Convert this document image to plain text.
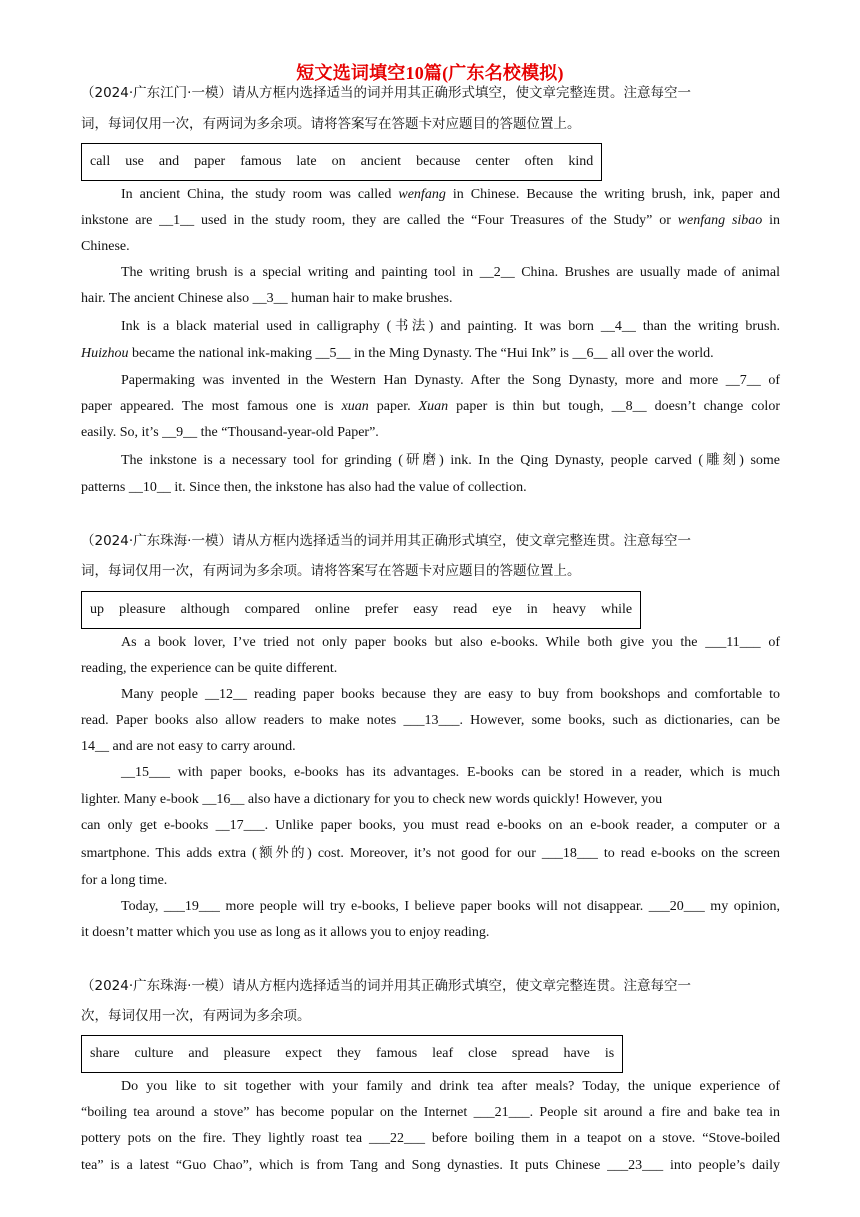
短文选词填空10篇(广东名校模拟)
（2024·广东江门·一模）请从方框内选择适当的词并用其正确形式填空，使文章完整连贯。注意每空一
词，每词仅用一次，有两词为多余项。请将答案写在答题卡对应题目的答题位置上。
call use and paper famous late on ancient because center often kind
In ancient China, the study room was called wenfang in Chinese. Because the writing brush, ink, paper and
inkstone are __1__ used in the study room, they are called the “Four Treasures of the Study” or wenfang sibao in
Chinese.
The writing brush is a special writing and painting tool in __2__ China. Brushes are usually made of animal
hair. The ancient Chinese also __3__ human hair to make brushes.
Ink is a black material used in calligraphy (书法) and painting. It was born __4__ than the writing brush.
Huizhou became the national ink-making __5__ in the Ming Dynasty. The “Hui Ink” is __6__ all over the world.
Papermaking was invented in the Western Han Dynasty. After the Song Dynasty, more and more __7__ of
paper appeared. The most famous one is xuan paper. Xuan paper is thin but tough, __8__ doesn’t change color
easily. So, it’s __9__ the “Thousand-year-old Paper”.
The inkstone is a necessary tool for grinding (研磨) ink. In the Qing Dynasty, people carved (雕刻) some
patterns __10__ it. Since then, the inkstone has also had the value of collection.
（2024·广东珠海·一模）请从方框内选择适当的词并用其正确形式填空，使文章完整连贯。注意每空一
词，每词仅用一次，有两词为多余项。请将答案写在答题卡对应题目的答题位置上。
up pleasure although compared online prefer easy read eye in heavy while
As a book lover, I’ve tried not only paper books but also e-books. While both give you the ___11___ of
reading, the experience can be quite different.
Many people __12__ reading paper books because they are easy to buy from bookshops and comfortable to
read. Paper books also allow readers to make notes ___13___. However, some books, such as dictionaries, can be
14__ and are not easy to carry around.
__15___ with paper books, e-books has its advantages. E-books can be stored in a reader, which is much
lighter. Many e-book __16__ also have a dictionary for you to check new words quickly! However, you
can only get e-books __17___. Unlike paper books, you must read e-books on an e-book reader, a computer or a
smartphone. This adds extra (额外的) cost. Moreover, it’s not good for our ___18___ to read e-books on the screen
for a long time.
Today, ___19___ more people will try e-books, I believe paper books will not disappear. ___20___ my opinion,
it doesn’t matter which you use as long as it allows you to enjoy reading.
（2024·广东珠海·一模）请从方框内选择适当的词并用其正确形式填空，使文章完整连贯。注意每空一
次，每词仅用一次，有两词为多余项。
share culture and pleasure expect they famous leaf close spread have is
Do you like to sit together with your family and drink tea after meals? Today, the unique experience of
“boiling tea around a stove” has become popular on the Internet ___21___. People sit around a fire and bake tea in
pottery pots on the fire. They lightly roast tea ___22___ before boiling them in a teapot on a stove. “Stove-boiled
tea” is a latest “Guo Chao”, which is from Tang and Song dynasties. It puts Chinese ___23___ into people’s daily
